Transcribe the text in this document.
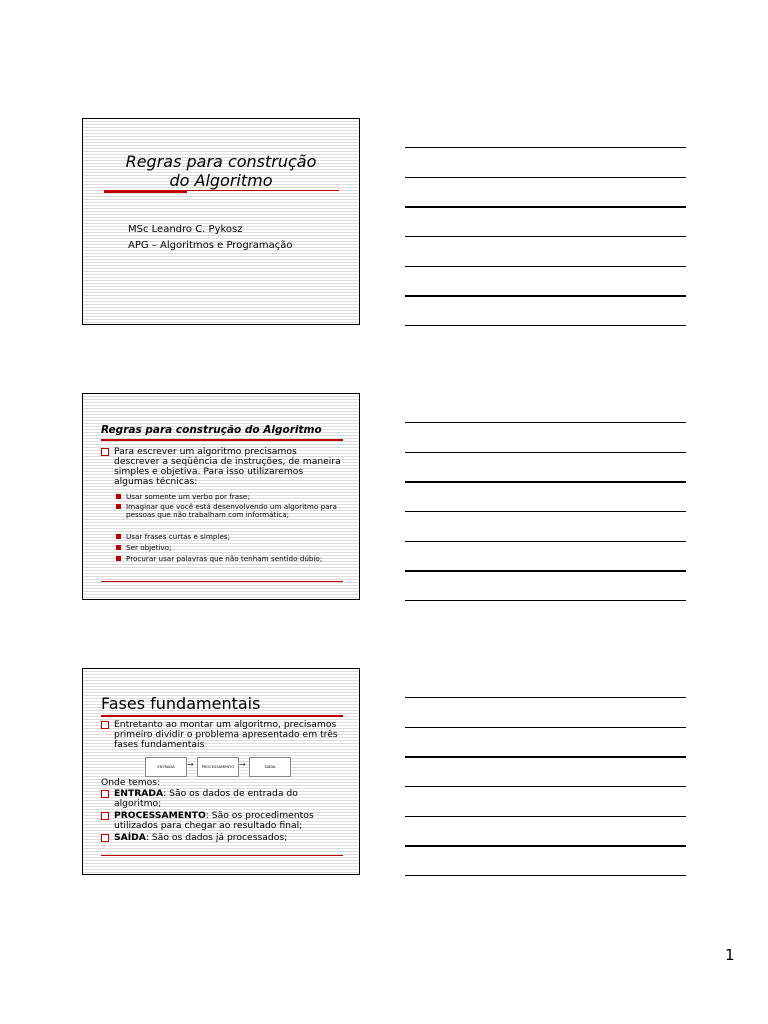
Regras para construção
do Algoritmo
MSc Leandro C. Pykosz
APG – Algoritmos e Programação
Regras para construção do Algoritmo
Para escrever um algoritmo precisamos descrever a seqüência de instruções, de maneira simples e objetiva. Para isso utilizaremos algumas técnicas:
Usar somente um verbo por frase;
Imaginar que você está desenvolvendo um algoritmo para pessoas que não trabalham com informática;
Usar frases curtas e simples;
Ser objetivo;
Procurar usar palavras que não tenham sentido dúbio;
Fases fundamentais
Entretanto ao montar um algoritmo, precisamos primeiro dividir o problema apresentado em três fases fundamentais
ENTRADA	→	PROCESSAMENTO →	SAÍDA
Onde temos:
ENTRADA: São os dados de entrada do algoritmo;
PROCESSAMENTO: São os procedimentos utilizados para chegar ao resultado final;
SAÍDA: São os dados já processados;
1
